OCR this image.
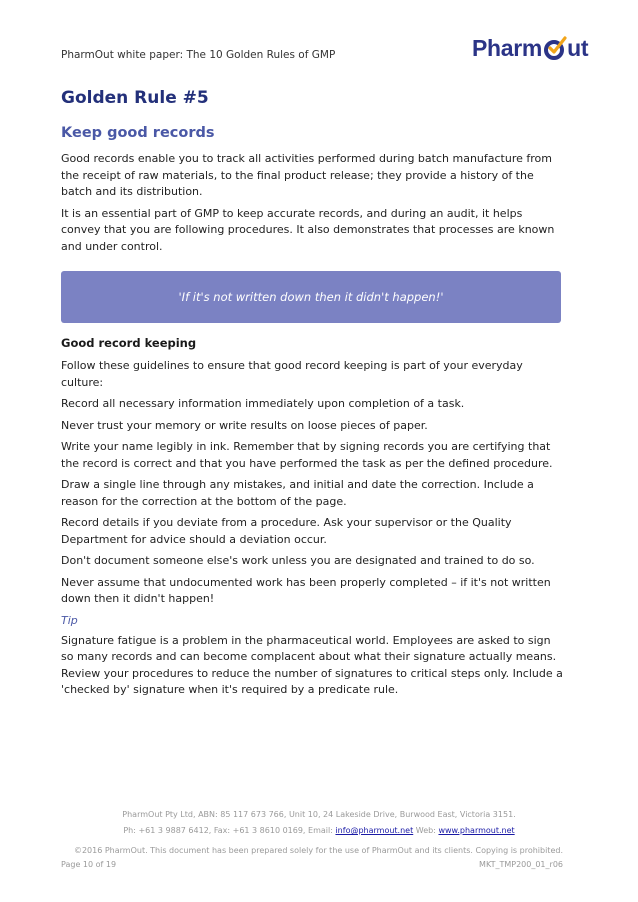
PharmOut white paper: The 10 Golden Rules of GMP	Pharm ut
Golden Rule #5
Keep good records

Good records enable you to track all activities performed during batch manufacture from the receipt of raw materials, to the final product release; they provide a history of the batch and its distribution.

It is an essential part of GMP to keep accurate records, and during an audit, it helps convey that you are following procedures. It also demonstrates that processes are known and under control.

'If it's not written down then it didn't happen!'
Good record keeping

Follow these guidelines to ensure that good record keeping is part of your everyday culture:

Record all necessary information immediately upon completion of a task.

Never trust your memory or write results on loose pieces of paper.

Write your name legibly in ink. Remember that by signing records you are certifying that the record is correct and that you have performed the task as per the defined procedure.

Draw a single line through any mistakes, and initial and date the correction. Include a reason for the correction at the bottom of the page.

Record details if you deviate from a procedure. Ask your supervisor or the Quality Department for advice should a deviation occur.

Don't document someone else's work unless you are designated and trained to do so.

Never assume that undocumented work has been properly completed – if it's not written down then it didn't happen!

Tip

Signature fatigue is a problem in the pharmaceutical world. Employees are asked to sign so many records and can become complacent about what their signature actually means. Review your procedures to reduce the number of signatures to critical steps only. Include a 'checked by' signature when it's required by a predicate rule.

PharmOut Pty Ltd, ABN: 85 117 673 766, Unit 10, 24 Lakeside Drive, Burwood East, Victoria 3151.
Ph: +61 3 9887 6412, Fax: +61 3 8610 0169, Email: info@pharmout.net Web: www.pharmout.net
©2016 PharmOut. This document has been prepared solely for the use of PharmOut and its clients. Copying is prohibited.
Page 10 of 19	MKT_TMP200_01_r06
